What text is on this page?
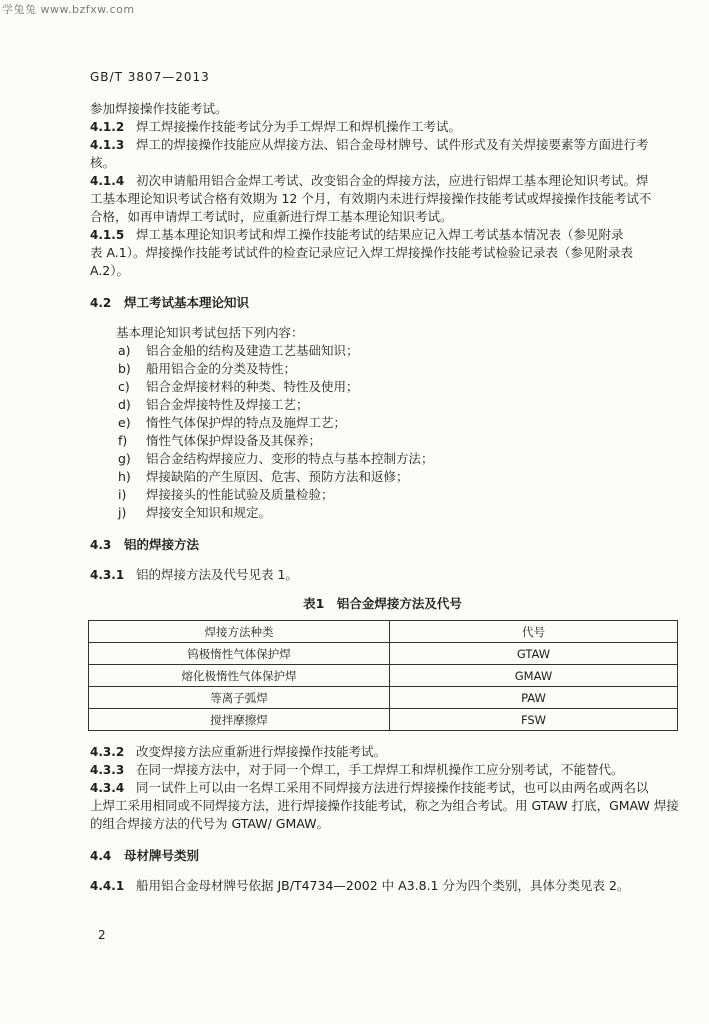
学兔兔 www.bzfxw.com
GB/T 3807—2013
参加焊接操作技能考试。
4.1.2 焊工焊接操作技能考试分为手工焊焊工和焊机操作工考试。
4.1.3 焊工的焊接操作技能应从焊接方法、铝合金母材牌号、试件形式及有关焊接要素等方面进行考
核。
4.1.4 初次申请船用铝合金焊工考试、改变铝合金的焊接方法，应进行铝焊工基本理论知识考试。焊
工基本理论知识考试合格有效期为 12 个月，有效期内未进行焊接操作技能考试或焊接操作技能考试不
合格，如再申请焊工考试时，应重新进行焊工基本理论知识考试。
4.1.5 焊工基本理论知识考试和焊工操作技能考试的结果应记入焊工考试基本情况表（参见附录
表 A.1）。焊接操作技能考试试件的检查记录应记入焊工焊接操作技能考试检验记录表（参见附录表
A.2）。
4.2 焊工考试基本理论知识
基本理论知识考试包括下列内容：
a) 铝合金船的结构及建造工艺基础知识；
b) 船用铝合金的分类及特性；
c) 铝合金焊接材料的种类、特性及使用；
d) 铝合金焊接特性及焊接工艺；
e) 惰性气体保护焊的特点及施焊工艺；
f) 惰性气体保护焊设备及其保养；
g) 铝合金结构焊接应力、变形的特点与基本控制方法；
h) 焊接缺陷的产生原因、危害、预防方法和返修；
i) 焊接接头的性能试验及质量检验；
j) 焊接安全知识和规定。
4.3 铝的焊接方法
4.3.1 铝的焊接方法及代号见表 1。
表1　铝合金焊接方法及代号
焊接方法种类	代号
钨极惰性气体保护焊	GTAW
熔化极惰性气体保护焊	GMAW
等离子弧焊	PAW
搅拌摩擦焊	FSW
4.3.2 改变焊接方法应重新进行焊接操作技能考试。
4.3.3 在同一焊接方法中，对于同一个焊工，手工焊焊工和焊机操作工应分别考试，不能替代。
4.3.4 同一试件上可以由一名焊工采用不同焊接方法进行焊接操作技能考试，也可以由两名或两名以
上焊工采用相同或不同焊接方法，进行焊接操作技能考试，称之为组合考试。用 GTAW 打底，GMAW 焊接
的组合焊接方法的代号为 GTAW/ GMAW。
4.4 母材牌号类别
4.4.1 船用铝合金母材牌号依据 JB/T4734—2002 中 A3.8.1 分为四个类别，具体分类见表 2。
2
